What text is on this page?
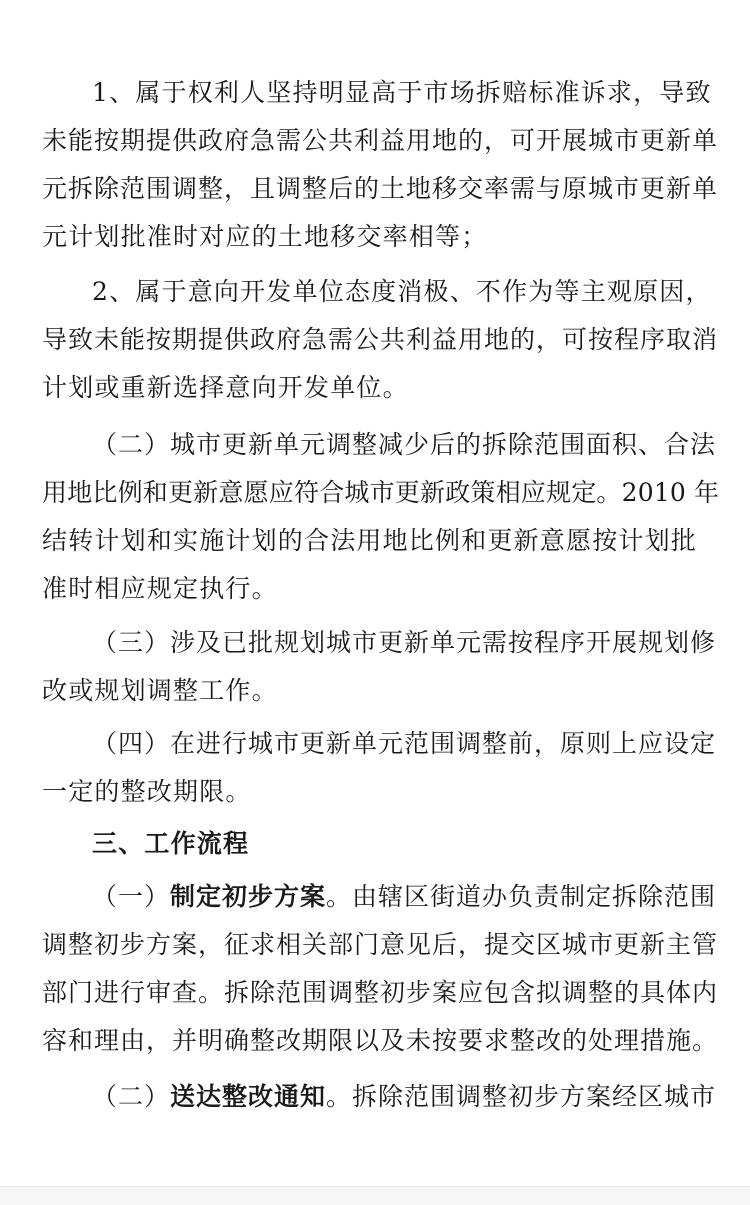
1、属于权利人坚持明显高于市场拆赔标准诉求，导致
未能按期提供政府急需公共利益用地的，可开展城市更新单
元拆除范围调整，且调整后的土地移交率需与原城市更新单
元计划批准时对应的土地移交率相等；
2、属于意向开发单位态度消极、不作为等主观原因，
导致未能按期提供政府急需公共利益用地的，可按程序取消
计划或重新选择意向开发单位。
（二）城市更新单元调整减少后的拆除范围面积、合法
用地比例和更新意愿应符合城市更新政策相应规定。2010 年
结转计划和实施计划的合法用地比例和更新意愿按计划批
准时相应规定执行。
（三）涉及已批规划城市更新单元需按程序开展规划修
改或规划调整工作。
（四）在进行城市更新单元范围调整前，原则上应设定
一定的整改期限。
三、工作流程
（一）制定初步方案。由辖区街道办负责制定拆除范围
调整初步方案，征求相关部门意见后，提交区城市更新主管
部门进行审查。拆除范围调整初步案应包含拟调整的具体内
容和理由，并明确整改期限以及未按要求整改的处理措施。
（二）送达整改通知。拆除范围调整初步方案经区城市
